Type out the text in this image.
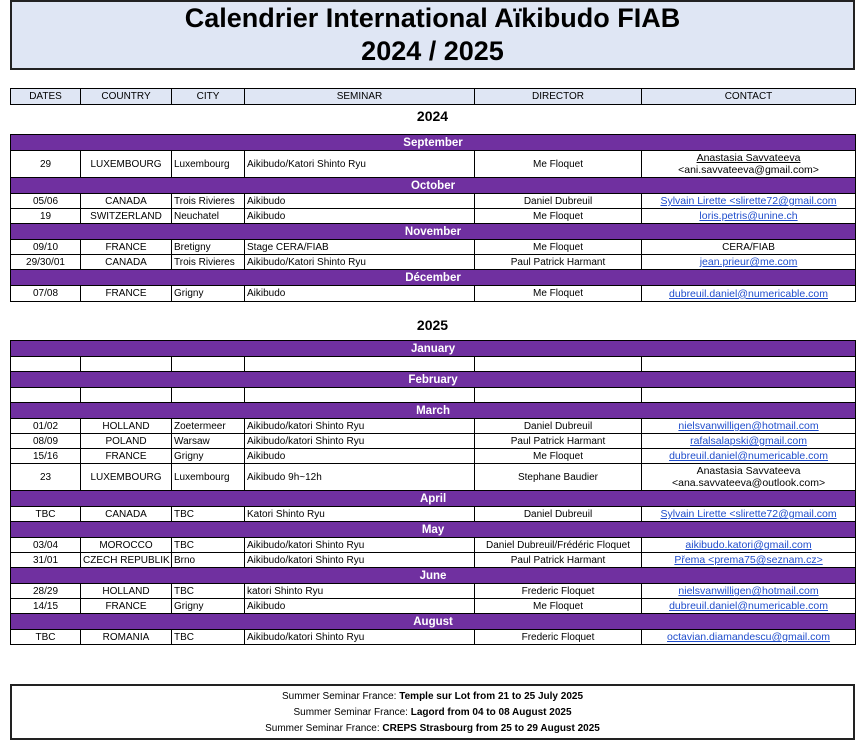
Calendrier International Aïkibudo FIAB
2024 / 2025
DATES	COUNTRY	CITY	SEMINAR	DIRECTOR	CONTACT
2024
September					
29	LUXEMBOURG	Luxembourg	Aikibudo/Katori Shinto Ryu	Me Floquet	Anastasia Savvateeva
<ani.savvateeva@gmail.com>

October					
05/06	CANADA	Trois Rivieres	Aikibudo	Daniel Dubreuil	Sylvain Lirette <slirette72@gmail.com
19	SWITZERLAND	Neuchatel	Aikibudo	Me Floquet	loris.petris@unine.ch
November					
09/10	FRANCE	Bretigny	Stage CERA/FIAB	Me Floquet	CERA/FIAB
29/30/01	CANADA	Trois Rivieres	Aikibudo/Katori Shinto Ryu	Paul Patrick Harmant	jean.prieur@me.com
Décember					
07/08	FRANCE	Grigny	Aikibudo	Me Floquet	dubreuil.daniel@numericable.com
2025
January					

February					

March					
01/02	HOLLAND	Zoetermeer	Aikibudo/katori Shinto Ryu	Daniel Dubreuil	nielsvanwilligen@hotmail.com
08/09	POLAND	Warsaw	Aikibudo/katori Shinto Ryu	Paul Patrick Harmant	rafalsalapski@gmail.com
15/16	FRANCE	Grigny	Aikibudo	Me Floquet	dubreuil.daniel@numericable.com
23	LUXEMBOURG	Luxembourg	Aikibudo 9h~12h	Stephane Baudier	Anastasia Savvateeva
<ana.savvateeva@outlook.com>

April					
TBC	CANADA	TBC	Katori Shinto Ryu	Daniel Dubreuil	Sylvain Lirette <slirette72@gmail.com
May					
03/04	MOROCCO	TBC	Aikibudo/katori Shinto Ryu	Daniel Dubreuil/Frédéric Floquet	aikibudo.katori@gmail.com
31/01	CZECH REPUBLIK	Brno	Aikibudo/katori Shinto Ryu	Paul Patrick Harmant	Přema <prema75@seznam.cz>
June					
28/29	HOLLAND	TBC	katori Shinto Ryu	Frederic Floquet	nielsvanwilligen@hotmail.com
14/15	FRANCE	Grigny	Aikibudo	Me Floquet	dubreuil.daniel@numericable.com
August					
TBC	ROMANIA	TBC	Aikibudo/katori Shinto Ryu	Frederic Floquet	octavian.diamandescu@gmail.com
Summer Seminar France: Temple sur Lot from 21 to 25 July 2025
Summer Seminar France: Lagord from 04 to 08 August 2025
Summer Seminar France: CREPS Strasbourg from 25 to 29 August 2025
